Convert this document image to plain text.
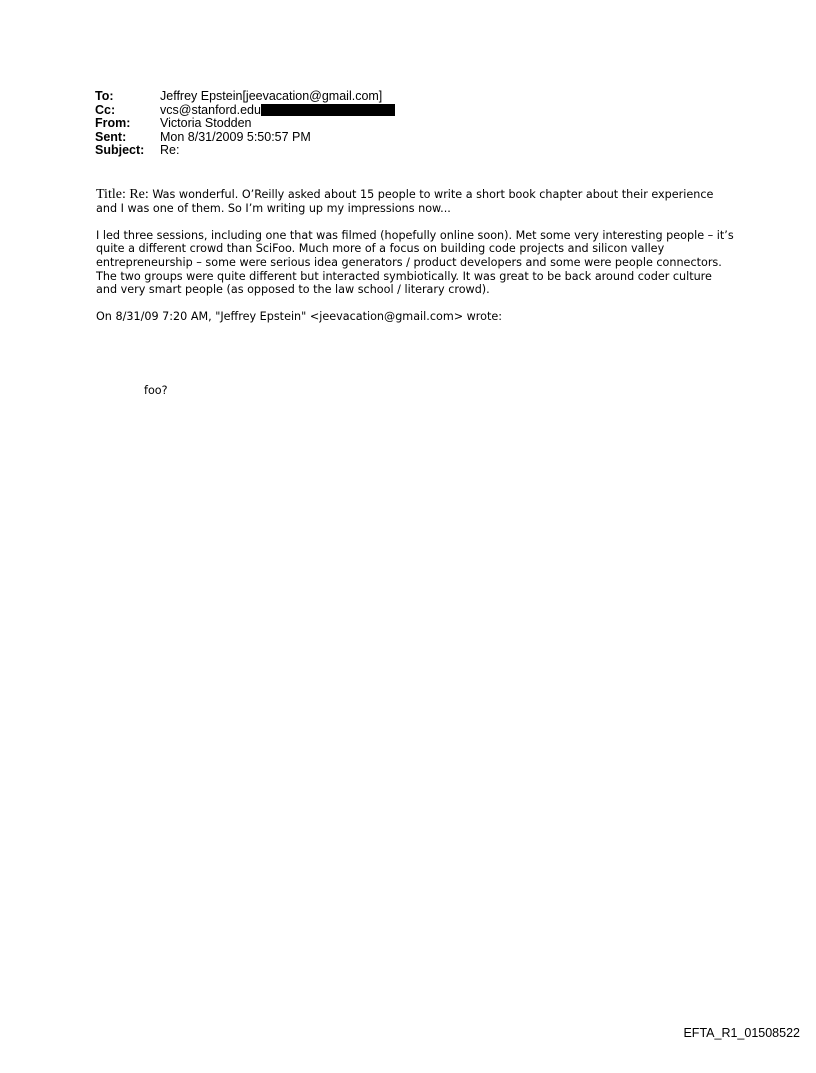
To:	Jeffrey Epstein[jeevacation@gmail.com]
Cc:	vcs@stanford.edu
From:	Victoria Stodden
Sent:	Mon 8/31/2009 5:50:57 PM
Subject:	Re:

Title: Re: Was wonderful. O’Reilly asked about 15 people to write a short book chapter about their experience and I was one of them. So I’m writing up my impressions now...

I led three sessions, including one that was filmed (hopefully online soon). Met some very interesting people – it’s quite a different crowd than SciFoo. Much more of a focus on building code projects and silicon valley entrepreneurship – some were serious idea generators / product developers and some were people connectors. The two groups were quite different but interacted symbiotically. It was great to be back around coder culture and very smart people (as opposed to the law school / literary crowd).

On 8/31/09 7:20 AM, "Jeffrey Epstein" <jeevacation@gmail.com> wrote:

foo?
EFTA_R1_01508522
